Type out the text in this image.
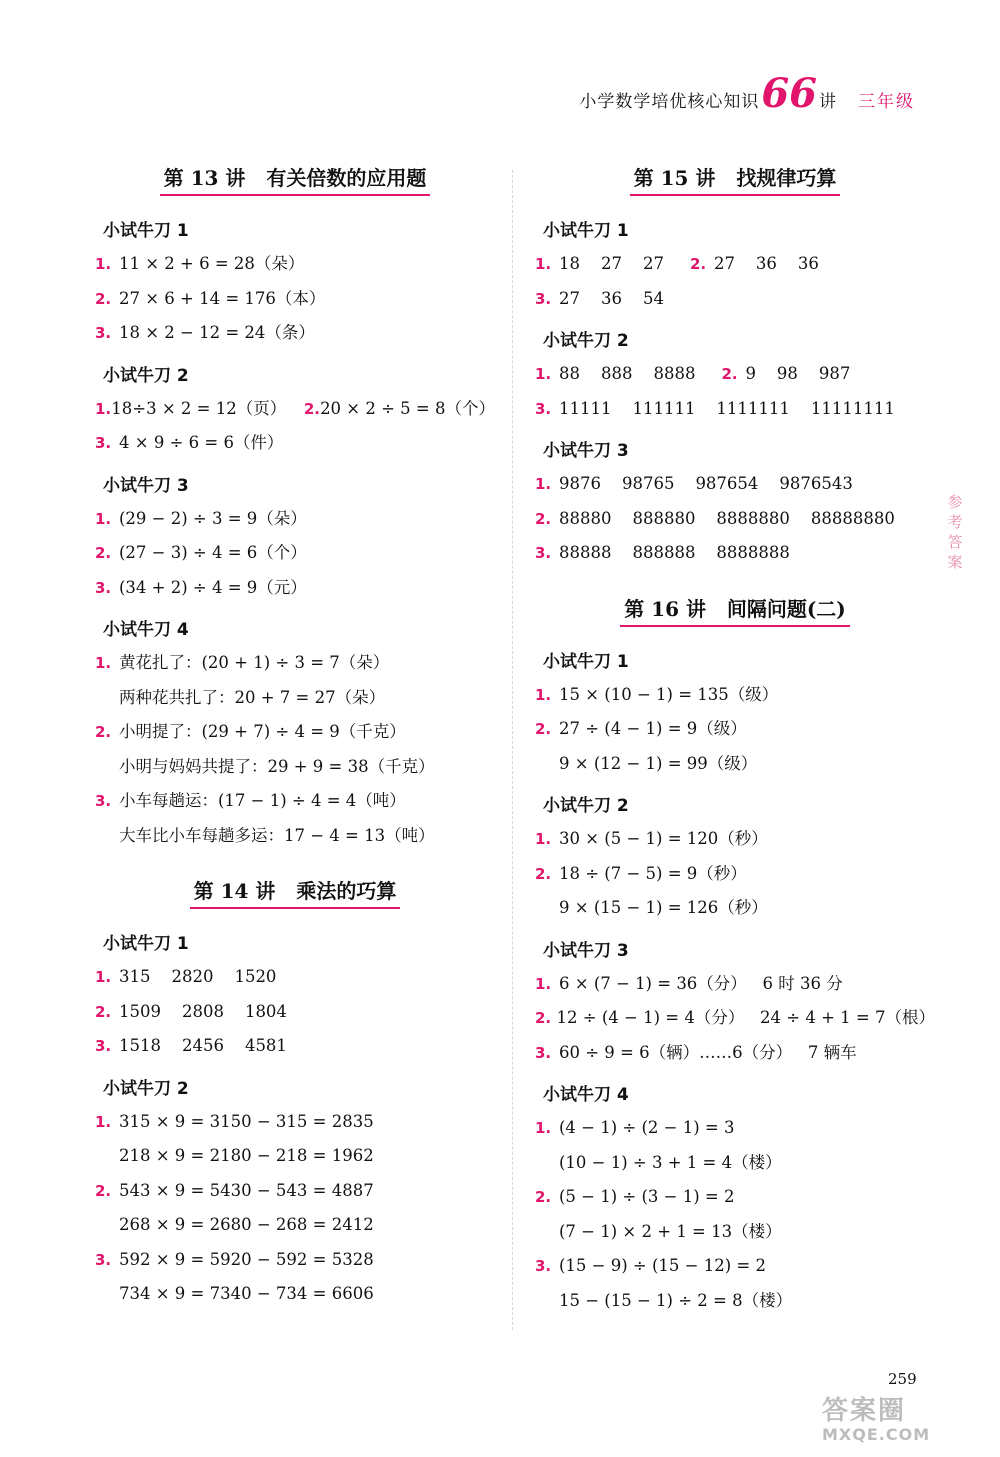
小学数学培优核心知识 66 讲 三年级
第 13 讲   有关倍数的应用题
小试牛刀 1
1. 11 × 2 + 6 = 28（朵）
2. 27 × 6 + 14 = 176（本）
3. 18 × 2 − 12 = 24（条）
小试牛刀 2
1. 18÷3 × 2 = 12（页） 2. 20 × 2 ÷ 5 = 8（个）
3. 4 × 9 ÷ 6 = 6（件）
小试牛刀 3
1. (29 − 2) ÷ 3 = 9（朵）
2. (27 − 3) ÷ 4 = 6（个）
3. (34 + 2) ÷ 4 = 9（元）
小试牛刀 4
1. 黄花扎了：(20 + 1) ÷ 3 = 7（朵）
两种花共扎了：20 + 7 = 27（朵）
2. 小明提了：(29 + 7) ÷ 4 = 9（千克）
小明与妈妈共提了：29 + 9 = 38（千克）
3. 小车每趟运：(17 − 1) ÷ 4 = 4（吨）
大车比小车每趟多运：17 − 4 = 13（吨）
第 14 讲   乘法的巧算
小试牛刀 1
1. 315    2820    1520
2. 1509    2808    1804
3. 1518    2456    4581
小试牛刀 2
1. 315 × 9 = 3150 − 315 = 2835
218 × 9 = 2180 − 218 = 1962
2. 543 × 9 = 5430 − 543 = 4887
268 × 9 = 2680 − 268 = 2412
3. 592 × 9 = 5920 − 592 = 5328
734 × 9 = 7340 − 734 = 6606
第 15 讲   找规律巧算
小试牛刀 1
1. 18    27    27 2. 27    36    36
3. 27    36    54
小试牛刀 2
1. 88    888    8888 2. 9    98    987
3. 11111    111111    1111111    11111111
小试牛刀 3
1. 9876    98765    987654    9876543
2. 88880    888880    8888880    88888880
3. 88888    888888    8888888
第 16 讲   间隔问题(二)
小试牛刀 1
1. 15 × (10 − 1) = 135（级）
2. 27 ÷ (4 − 1) = 9（级）
9 × (12 − 1) = 99（级）
小试牛刀 2
1. 30 × (5 − 1) = 120（秒）
2. 18 ÷ (7 − 5) = 9（秒）
9 × (15 − 1) = 126（秒）
小试牛刀 3
1. 6 × (7 − 1) = 36（分）   6 时 36 分
2. 12 ÷ (4 − 1) = 4（分）   24 ÷ 4 + 1 = 7（根）
3. 60 ÷ 9 = 6（辆）……6（分）   7 辆车
小试牛刀 4
1. (4 − 1) ÷ (2 − 1) = 3
(10 − 1) ÷ 3 + 1 = 4（楼）
2. (5 − 1) ÷ (3 − 1) = 2
(7 − 1) × 2 + 1 = 13（楼）
3. (15 − 9) ÷ (15 − 12) = 2
15 − (15 − 1) ÷ 2 = 8（楼）
参考答案
259
答案圈
MXQE.COM
